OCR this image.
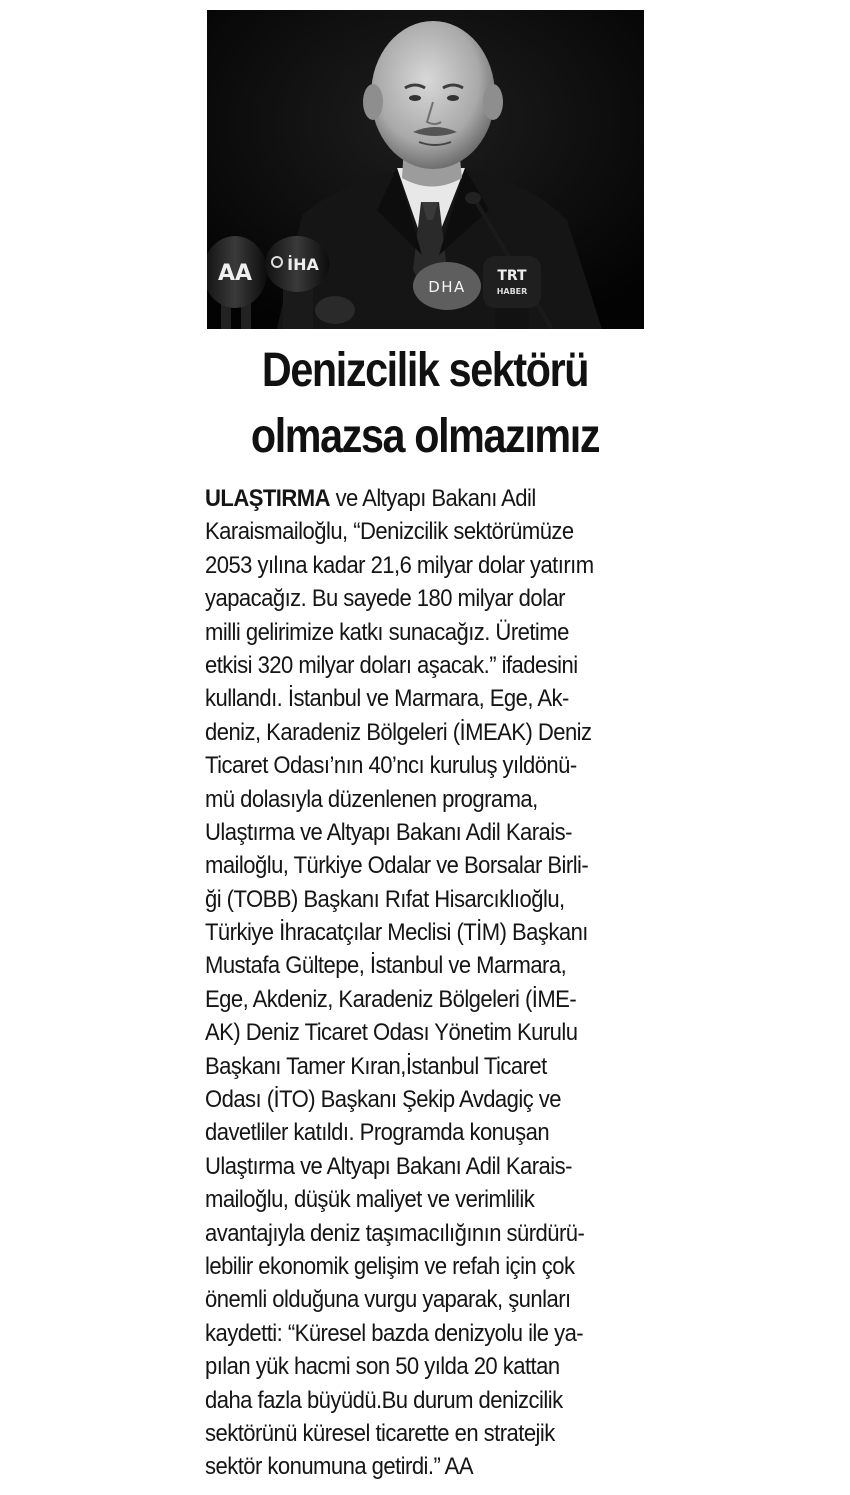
AA İHA
DHA
TRT
HABER
Denizcilik sektörü
olmazsa olmazımız
ULAŞTIRMA ve Altyapı Bakanı Adil
Karaismailoğlu, “Denizcilik sektörümüze
2053 yılına kadar 21,6 milyar dolar yatırım
yapacağız. Bu sayede 180 milyar dolar
milli gelirimize katkı sunacağız. Üretime
etkisi 320 milyar doları aşacak.” ifadesini
kullandı. İstanbul ve Marmara, Ege, Ak-
deniz, Karadeniz Bölgeleri (İMEAK) Deniz
Ticaret Odası’nın 40’ncı kuruluş yıldönü-
mü dolasıyla düzenlenen programa,
Ulaştırma ve Altyapı Bakanı Adil Karais-
mailoğlu, Türkiye Odalar ve Borsalar Birli-
ği (TOBB) Başkanı Rıfat Hisarcıklıoğlu,
Türkiye İhracatçılar Meclisi (TİM) Başkanı
Mustafa Gültepe, İstanbul ve Marmara,
Ege, Akdeniz, Karadeniz Bölgeleri (İME-
AK) Deniz Ticaret Odası Yönetim Kurulu
Başkanı Tamer Kıran,İstanbul Ticaret
Odası (İTO) Başkanı Şekip Avdagiç ve
davetliler katıldı. Programda konuşan
Ulaştırma ve Altyapı Bakanı Adil Karais-
mailoğlu, düşük maliyet ve verimlilik
avantajıyla deniz taşımacılığının sürdürü-
lebilir ekonomik gelişim ve refah için çok
önemli olduğuna vurgu yaparak, şunları
kaydetti: “Küresel bazda denizyolu ile ya-
pılan yük hacmi son 50 yılda 20 kattan
daha fazla büyüdü.Bu durum denizcilik
sektörünü küresel ticarette en stratejik
sektör konumuna getirdi.” AA
